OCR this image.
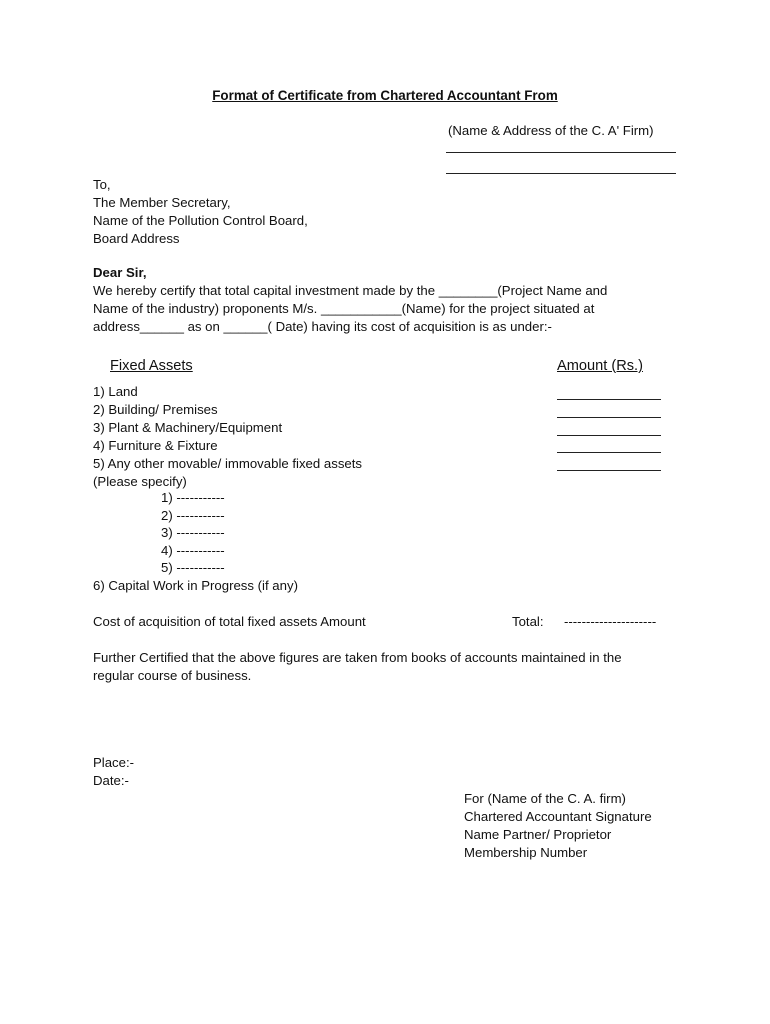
Format of Certificate from Chartered Accountant From
(Name & Address of the C. A' Firm)
To,
The Member Secretary,
Name of the Pollution Control Board,
Board Address
Dear Sir,
We hereby certify that total capital investment made by the ________(Project Name and
Name of the industry) proponents M/s. ___________(Name) for the project situated at
address______ as on ______( Date) having its cost of acquisition is as under:-
Fixed Assets	Amount (Rs.)
1) Land
2) Building/ Premises
3) Plant & Machinery/Equipment
4) Furniture & Fixture
5) Any other movable/ immovable fixed assets
(Please specify)
1) -----------
2) -----------
3) -----------
4) -----------
5) -----------
6) Capital Work in Progress (if any)
Cost of acquisition of total fixed assets Amount	Total: ---------------------
Further Certified that the above figures are taken from books of accounts maintained in the
regular course of business.
Place:-
Date:-
For (Name of the C. A. firm)
Chartered Accountant Signature
Name Partner/ Proprietor
Membership Number
